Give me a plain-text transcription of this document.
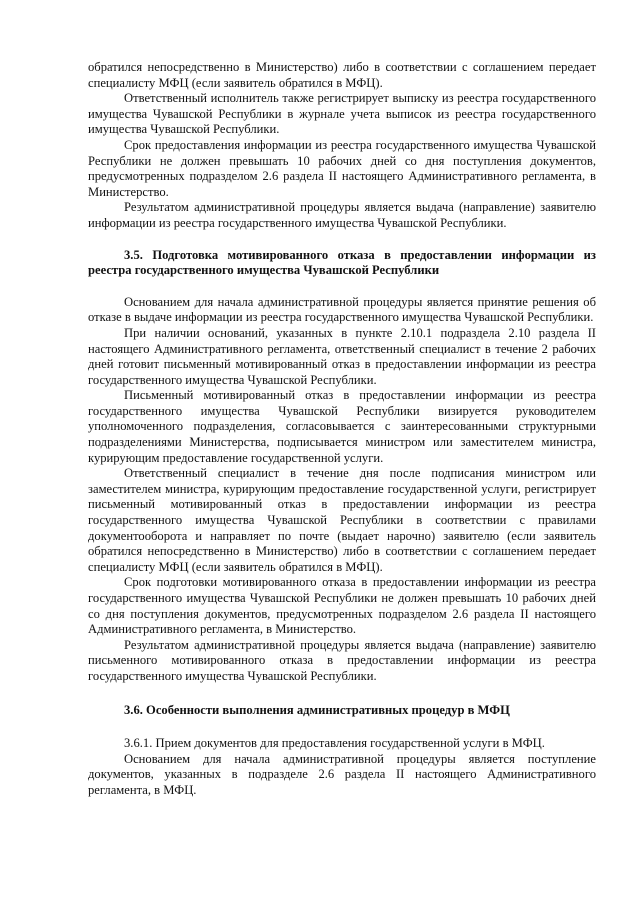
обратился непосредственно в Министерство) либо в соответствии с соглашением передает специалисту МФЦ (если заявитель обратился в МФЦ).

Ответственный исполнитель также регистрирует выписку из реестра государственного имущества Чувашской Республики в журнале учета выписок из реестра государственного имущества Чувашской Республики.

Срок предоставления информации из реестра государственного имущества Чувашской Республики не должен превышать 10 рабочих дней со дня поступления документов, предусмотренных подразделом 2.6 раздела II настоящего Административного регламента, в Министерство.

Результатом административной процедуры является выдача (направление) заявителю информации из реестра государственного имущества Чувашской Республики.

3.5. Подготовка мотивированного отказа в предоставлении информации из реестра государственного имущества Чувашской Республики

Основанием для начала административной процедуры является принятие решения об отказе в выдаче информации из реестра государственного имущества Чувашской Республики.

При наличии оснований, указанных в пункте 2.10.1 подраздела 2.10 раздела II настоящего Административного регламента, ответственный специалист в течение 2 рабочих дней готовит письменный мотивированный отказ в предоставлении информации из реестра государственного имущества Чувашской Республики.

Письменный мотивированный отказ в предоставлении информации из реестра государственного имущества Чувашской Республики визируется руководителем уполномоченного подразделения, согласовывается с заинтересованными структурными подразделениями Министерства, подписывается министром или заместителем министра, курирующим предоставление государственной услуги.

Ответственный специалист в течение дня после подписания министром или заместителем министра, курирующим предоставление государственной услуги, регистрирует письменный мотивированный отказ в предоставлении информации из реестра государственного имущества Чувашской Республики в соответствии с правилами документооборота и направляет по почте (выдает нарочно) заявителю (если заявитель обратился непосредственно в Министерство) либо в соответствии с соглашением передает специалисту МФЦ (если заявитель обратился в МФЦ).

Срок подготовки мотивированного отказа в предоставлении информации из реестра государственного имущества Чувашской Республики не должен превышать 10 рабочих дней со дня поступления документов, предусмотренных подразделом 2.6 раздела II настоящего Административного регламента, в Министерство.

Результатом административной процедуры является выдача (направление) заявителю письменного мотивированного отказа в предоставлении информации из реестра государственного имущества Чувашской Республики.

3.6. Особенности выполнения административных процедур в МФЦ

3.6.1. Прием документов для предоставления государственной услуги в МФЦ.

Основанием для начала административной процедуры является поступление документов, указанных в подразделе 2.6 раздела II настоящего Административного регламента, в МФЦ.
